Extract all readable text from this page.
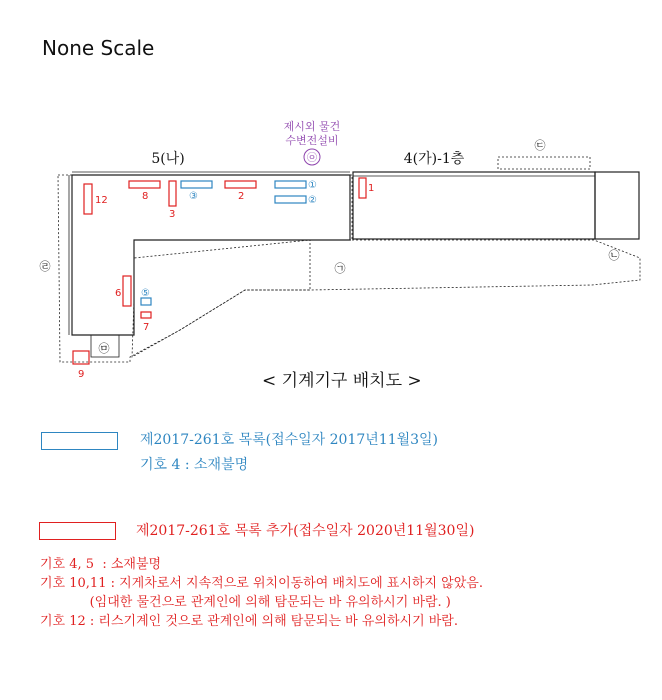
None Scale
5(나)	4(가)-1층
제시외 물건
수변전설비
㉧
㉢
㉠
㉡
㉣
㉤
12	8
3
2
1
6
7
9
③
①
②
⑤
< 기계기구 배치도 >
제2017-261호 목록(접수일자 2017년11월3일)
기호 4 : 소재불명
제2017-261호 목록 추가(접수일자 2020년11월30일)
기호 4, 5  : 소재불명
기호 10,11 : 지게차로서 지속적으로 위치이동하여 배치도에 표시하지 않았음.
(임대한 물건으로 관계인에 의해 탐문되는 바 유의하시기 바람. )
기호 12 : 리스기계인 것으로 관계인에 의해 탐문되는 바 유의하시기 바람.
